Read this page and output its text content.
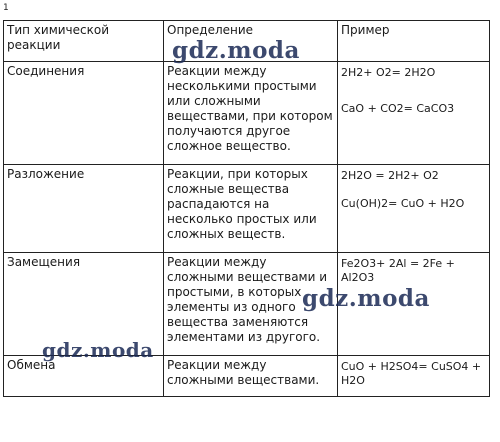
1
Тип химической реакции	Определение	Пример
Соединения	Реакции между несколькими простыми или сложными веществами, при котором получаются другое сложное вещество.	2H2+ O2= 2H2O
CaO + CO2= CaCO3

Разложение	Реакции, при которых сложные вещества распадаются на несколько простых или сложных веществ.	2H2O = 2H2+ O2
Cu(OH)2= CuO + H2O

Замещения	Реакции между сложными веществами и простыми, в которых элементы из одного вещества заменяются элементами из другого.	Fe2O3+ 2Al = 2Fe + Al2O3

Обмена	Реакции между сложными веществами.	CuO + H2SO4= CuSO4 + H2O
gdz.moda
gdz.moda
gdz.moda
